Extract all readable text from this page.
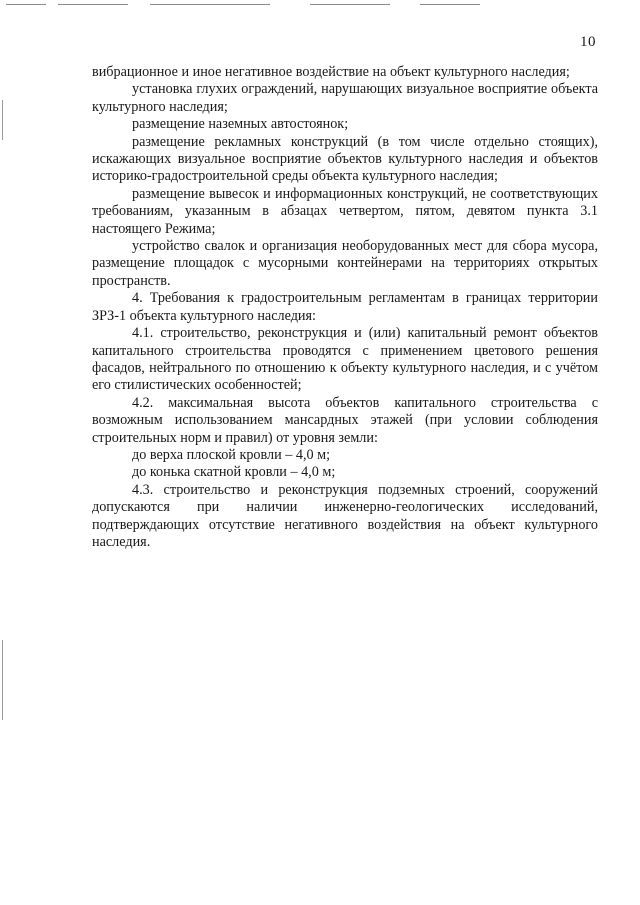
10

вибрационное и иное негативное воздействие на объект культурного наследия;

установка глухих ограждений, нарушающих визуальное восприятие объекта культурного наследия;

размещение наземных автостоянок;

размещение рекламных конструкций (в том числе отдельно стоящих), искажающих визуальное восприятие объектов культурного наследия и объектов историко-градостроительной среды объекта культурного наследия;

размещение вывесок и информационных конструкций, не соответствующих требованиям, указанным в абзацах четвертом, пятом, девятом пункта 3.1 настоящего Режима;

устройство свалок и организация необорудованных мест для сбора мусора, размещение площадок с мусорными контейнерами на территориях открытых пространств.

4. Требования к градостроительным регламентам в границах территории ЗРЗ-1 объекта культурного наследия:

4.1. строительство, реконструкция и (или) капитальный ремонт объектов капитального строительства проводятся с применением цветового решения фасадов, нейтрального по отношению к объекту культурного наследия, и с учётом его стилистических особенностей;

4.2. максимальная высота объектов капитального строительства с возможным использованием мансардных этажей (при условии соблюдения строительных норм и правил) от уровня земли:

до верха плоской кровли – 4,0 м;

до конька скатной кровли – 4,0 м;

4.3. строительство и реконструкция подземных строений, сооружений допускаются при наличии инженерно-геологических исследований, подтверждающих отсутствие негативного воздействия на объект культурного наследия.
